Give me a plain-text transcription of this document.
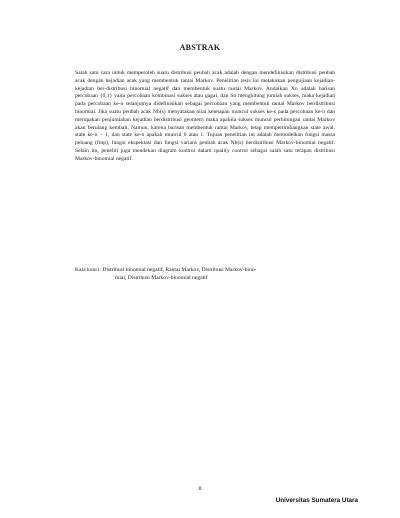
ABSTRAK

Salah satu cara untuk memperoleh suatu distribusi peubah acak adalah dengan mendefinisikan distribusi peubah acak dengan kejadian acak yang membentuk rantai Markov. Penelitian tesis ini melakukan pengujiaan kejadian-kejadian ber-distribusi binomial negatif dan membentuk suatu rantai Markov. Andaikan Xn adalah barisan percobaan {0,1} yaitu percobaan kombinasi sukses atau gagal, dan Sn menghitung jumlah sukses, maka kejadian pada percobaan ke-n selanjutnya didefinisikan sebagai percobaan yang membentuk rantai Markov berdistribusi binomial. Jika suatu peubah acak Nb(s) menyatakan nilai ketetapan muncul sukses ke-s pada percobaan ke-n dan merupakan penjumlahan kejadian berdistribusi geometri maka apabila sukses muncul perhitungan rantai Markov akan berulang kembali. Namun, karena barisan membentuk rantai Markov, tetap mempertimbangkan state awal, state ke-n − 1, dan state ke-n apakah muncul 0 atau 1. Tujuan penelitian ini adalah memodelkan fungsi massa peluang (fmp), fungsi ekspektasi dan fungsi varians peubah acak Nb(s) berdistribusi Markov-binomial negatif. Selain itu, peneliti juga mendekan diagram kontrol dalam quality control sebagai salah satu terapan distribusi Markov-binomial negatif.

Kata kunci: Distribusi binomial negatif, Rantai Markov, Distribusi Markov-bino-
mial, Distribusi Markov-binomial negatif

ii
Universitas Sumatera Utara
